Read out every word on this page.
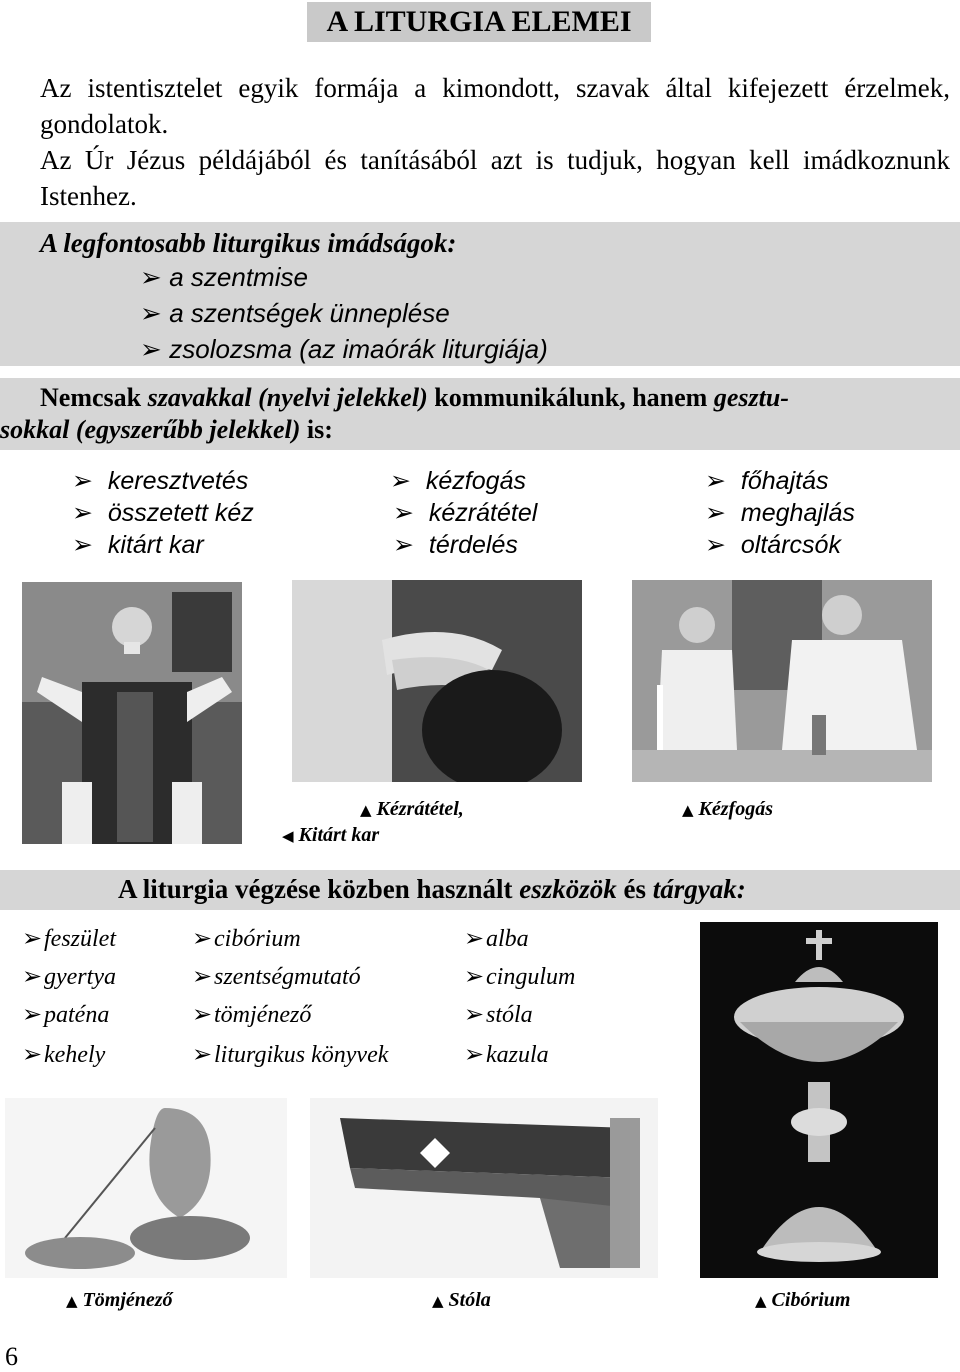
A LITURGIA ELEMEI

Az istentisztelet egyik formája a kimondott, szavak által kifejezett érzelmek, gondolatok.

Az Úr Jézus példájából és tanításából azt is tudjuk, hogyan kell imádkoznunk Istenhez.

A legfontosabb liturgikus imádságok:
➢ a szentmise
➢ a szentségek ünneplése
➢ zsolozsma (az imaórák liturgiája)
Nemcsak szavakkal (nyelvi jelekkel) kommunikálunk, hanem gesztu-
sokkal (egyszerűbb jelekkel) is:
➢ keresztvetés
➢ összetett kéz
➢ kitárt kar
➢ kézfogás
➢ kézrátétel
➢ térdelés
➢ főhajtás
➢ meghajlás
➢ oltárcsók
▲ Kézrátétel,
◀ Kitárt kar
▲ Kézfogás
A liturgia végzése közben használt eszközök és tárgyak:
➢feszület
➢gyertya
➢paténa
➢kehely
➢cibórium
➢szentségmutató
➢tömjénező
➢liturgikus könyvek
➢alba
➢cingulum
➢stóla
➢kazula
▲ Tömjénező	▲ Stóla	▲ Cibórium
6
